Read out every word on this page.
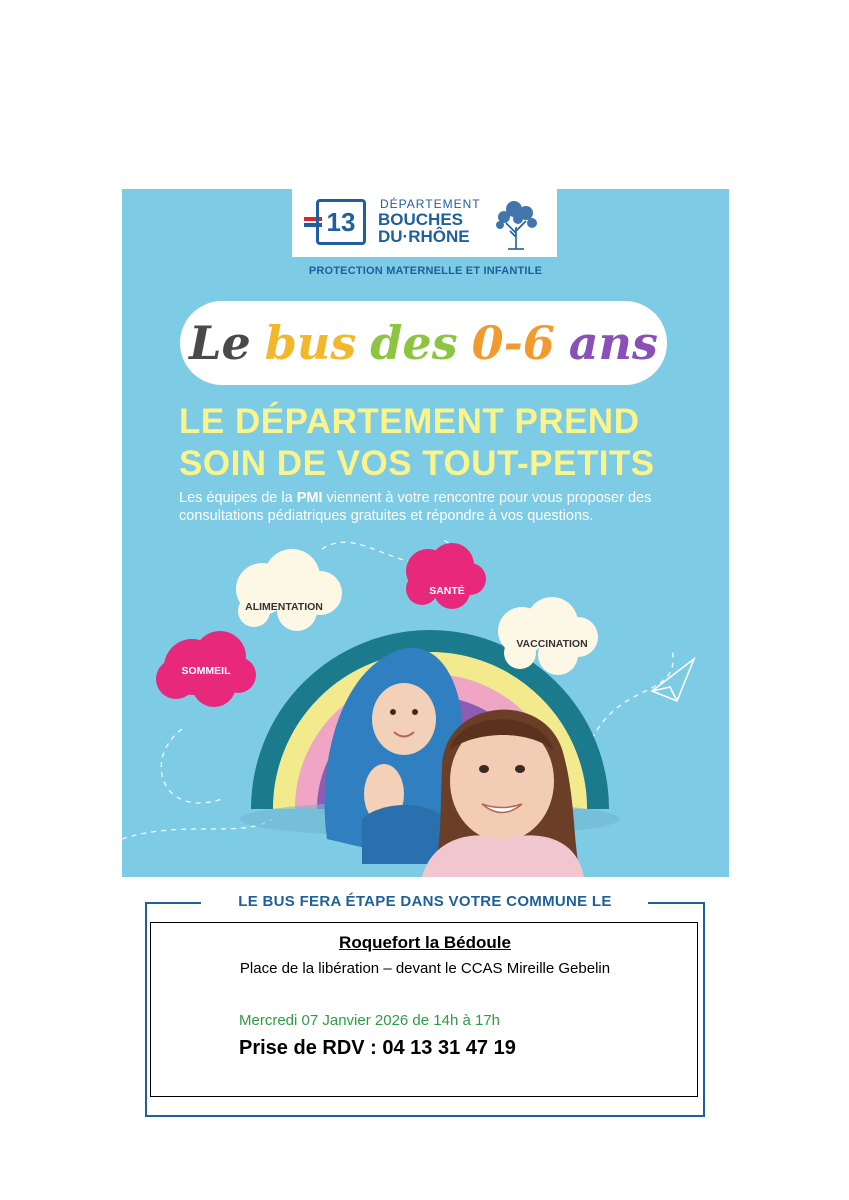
13
DÉPARTEMENT
BOUCHES
DU·RHÔNE
PROTECTION MATERNELLE ET INFANTILE
Le bus des 0-6 ans
LE DÉPARTEMENT PREND
SOIN DE VOS TOUT-PETITS
Les équipes de la PMI viennent à votre rencontre pour vous proposer des consultations pédiatriques gratuites et répondre à vos questions.
SOMMEIL
ALIMENTATION
SANTÉ
VACCINATION
LE BUS FERA ÉTAPE DANS VOTRE COMMUNE LE
Roquefort la Bédoule
Place de la libération – devant le CCAS Mireille Gebelin
Mercredi 07 Janvier 2026 de 14h à 17h
Prise de RDV : 04 13 31 47 19
